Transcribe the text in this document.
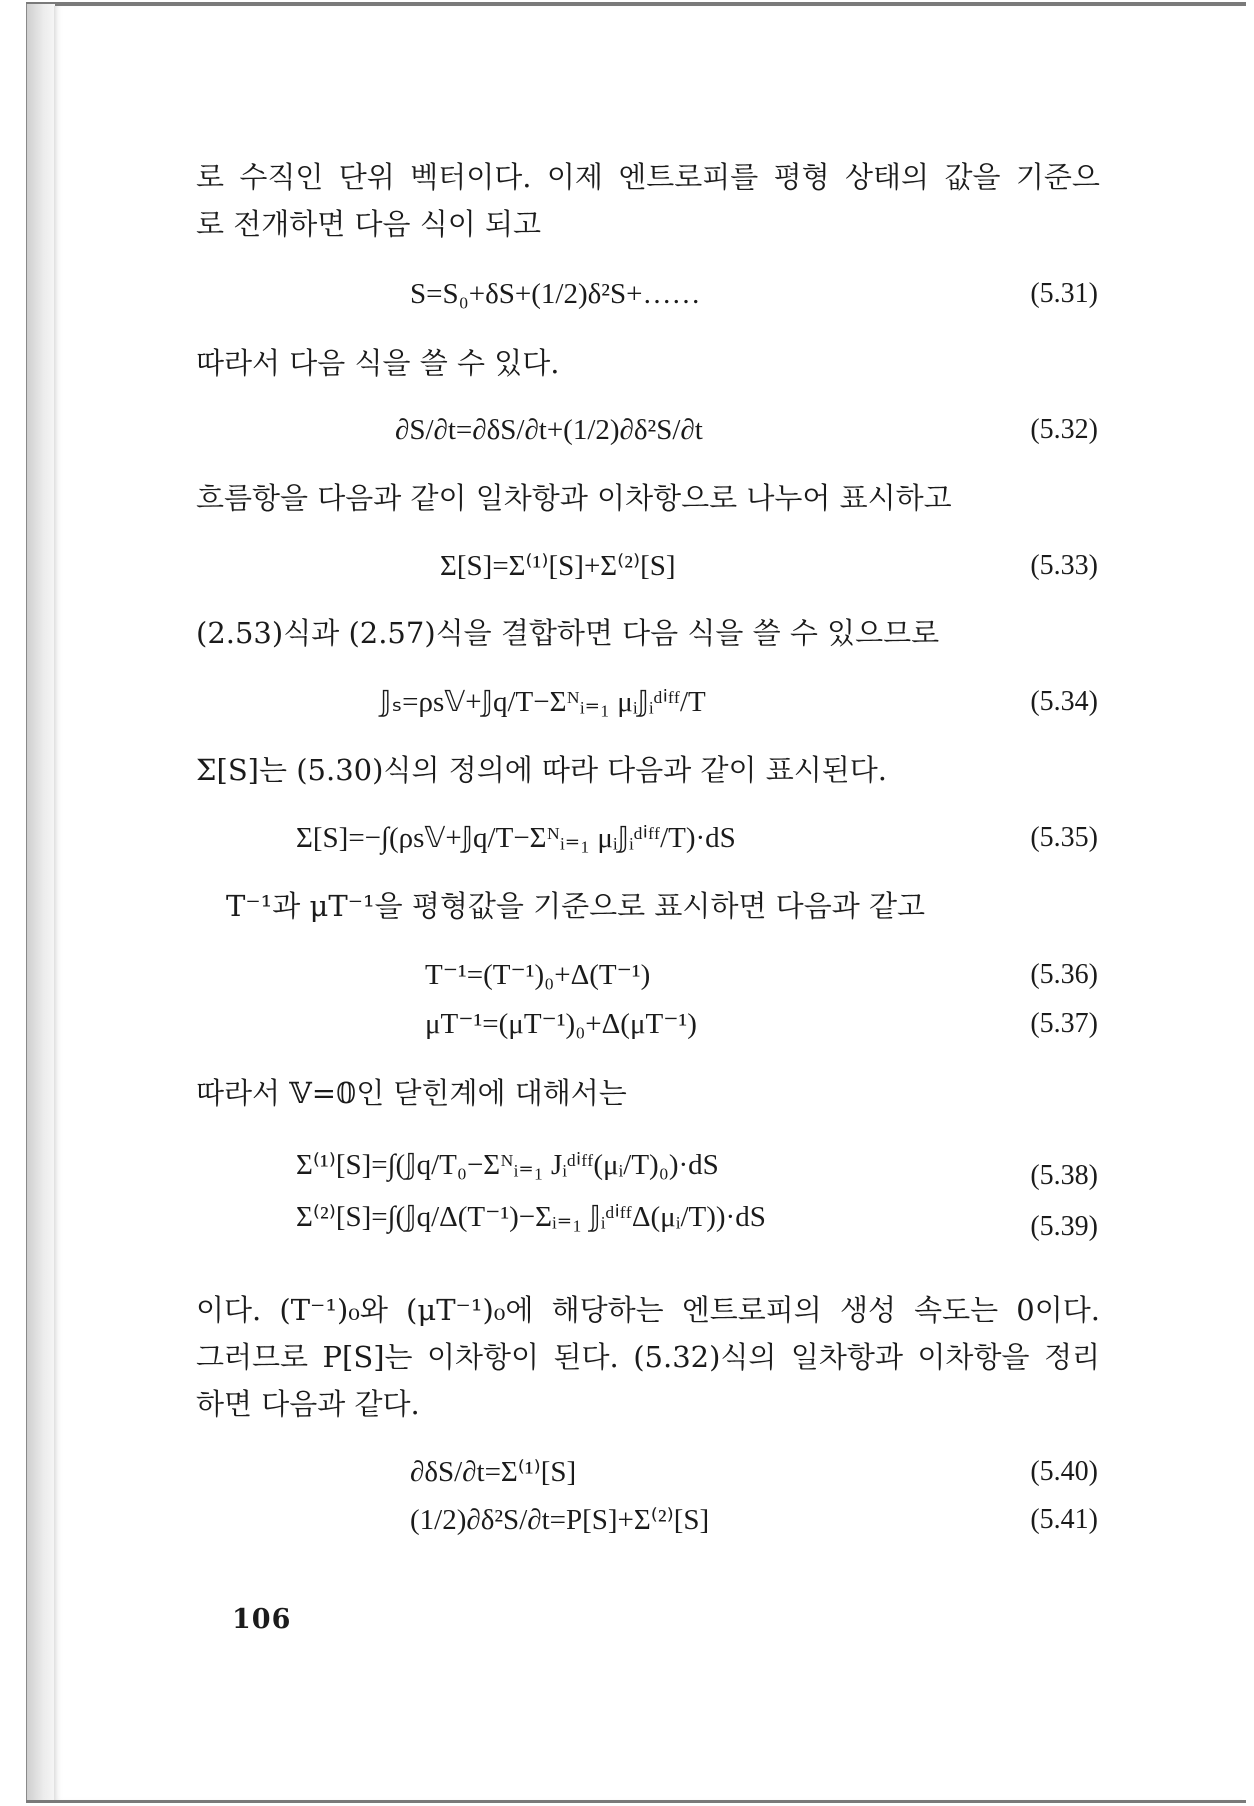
로 수직인 단위 벡터이다. 이제 엔트로피를 평형 상태의 값을 기준으
로 전개하면 다음 식이 되고
S=S₀+δS+(1/2)δ²S+……	(5.31)
따라서 다음 식을 쓸 수 있다.
∂S/∂t=∂δS/∂t+(1/2)∂δ²S/∂t	(5.32)
흐름항을 다음과 같이 일차항과 이차항으로 나누어 표시하고
Σ[S]=Σ⁽¹⁾[S]+Σ⁽²⁾[S]	(5.33)
(2.53)식과 (2.57)식을 결합하면 다음 식을 쓸 수 있으므로
𝕁ₛ=ρs𝕍+𝕁q/T−Σᴺᵢ₌₁ μᵢ𝕁ᵢᵈⁱᶠᶠ/T	(5.34)
Σ[S]는 (5.30)식의 정의에 따라 다음과 같이 표시된다.
Σ[S]=−∫(ρs𝕍+𝕁q/T−Σᴺᵢ₌₁ μᵢ𝕁ᵢᵈⁱᶠᶠ/T)·dS	(5.35)
T⁻¹과 μT⁻¹을 평형값을 기준으로 표시하면 다음과 같고
T⁻¹=(T⁻¹)₀+Δ(T⁻¹)	(5.36)
μT⁻¹=(μT⁻¹)₀+Δ(μT⁻¹)	(5.37)
따라서 𝕍=𝟘인 닫힌계에 대해서는
Σ⁽¹⁾[S]=∫(𝕁q/T₀−Σᴺᵢ₌₁ Jᵢᵈⁱᶠᶠ(μᵢ/T)₀)·dS	(5.38)
Σ⁽²⁾[S]=∫(𝕁q/Δ(T⁻¹)−Σᵢ₌₁ 𝕁ᵢᵈⁱᶠᶠΔ(μᵢ/T))·dS	(5.39)
이다. (T⁻¹)₀와 (μT⁻¹)₀에 해당하는 엔트로피의 생성 속도는 0이다.
그러므로 P[S]는 이차항이 된다. (5.32)식의 일차항과 이차항을 정리
하면 다음과 같다.
∂δS/∂t=Σ⁽¹⁾[S]	(5.40)
(1/2)∂δ²S/∂t=P[S]+Σ⁽²⁾[S]	(5.41)
106
